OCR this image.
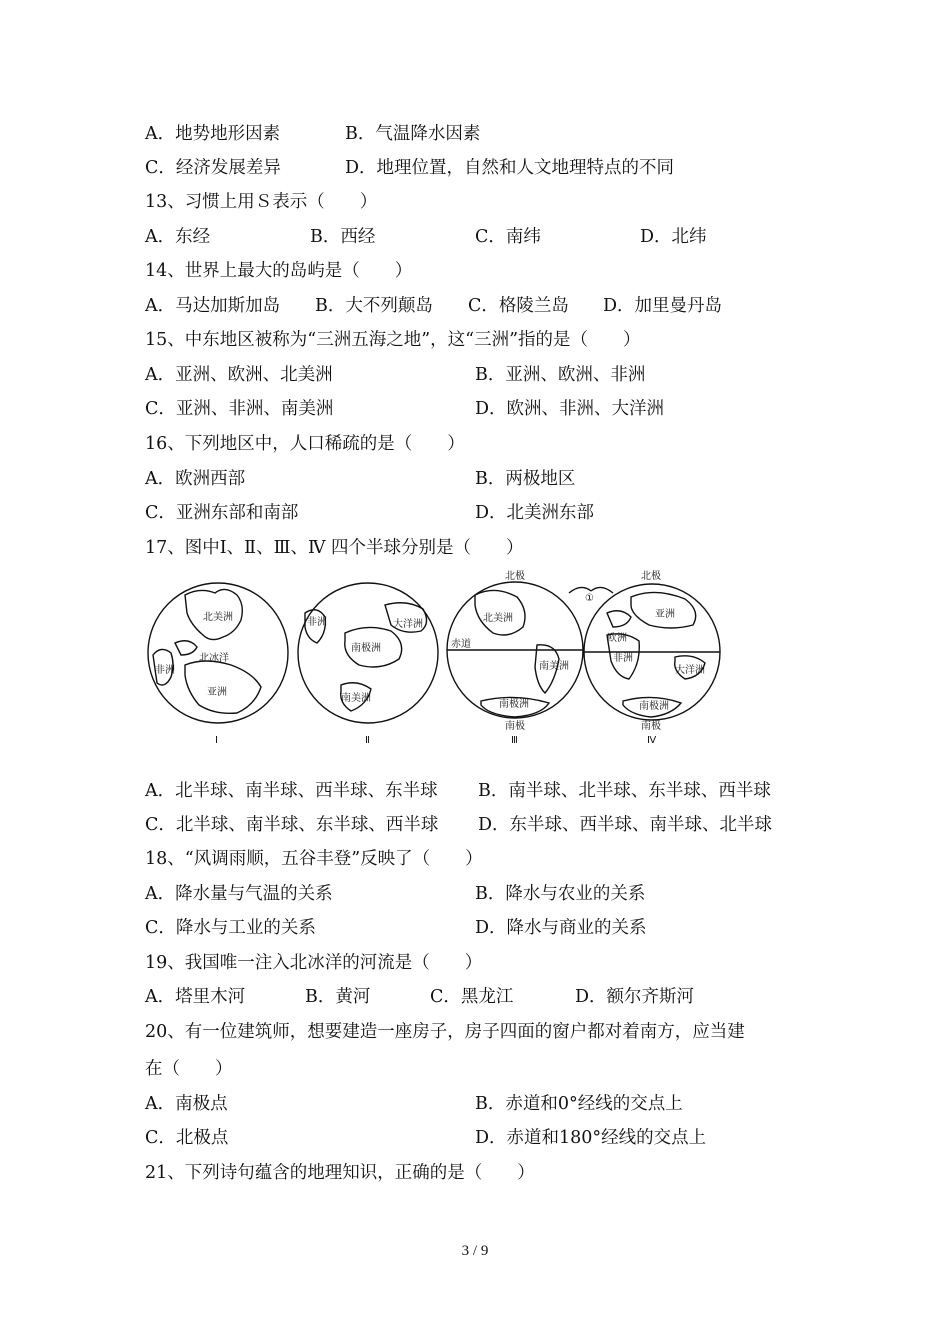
A．地势地形因素	B．气温降水因素
C．经济发展差异	D．地理位置，自然和人文地理特点的不同
13、习惯上用Ｓ表示（　　）
A．东经	B．西经	C．南纬	D．北纬
14、世界上最大的岛屿是（　　）
A．马达加斯加岛 B．大不列颠岛 C．格陵兰岛 D．加里曼丹岛
15、中东地区被称为“三洲五海之地”，这“三洲”指的是（　　）
A．亚洲、欧洲、北美洲	B．亚洲、欧洲、非洲
C．亚洲、非洲、南美洲	D．欧洲、非洲、大洋洲
16、下列地区中，人口稀疏的是（　　）
A．欧洲西部	B．两极地区
C．亚洲东部和南部	D．北美洲东部
17、图中Ⅰ、Ⅱ、Ⅲ、Ⅳ 四个半球分别是（　　）
北美洲
北冰洋
非洲
亚洲
Ⅰ
非洲	大洋洲
南极洲
南美洲
Ⅱ
北极
北美洲
赤道
南美洲
南极洲
南极
Ⅲ
北极
亚洲
欧洲
非洲
大洋洲
南极洲
南极
Ⅳ
①
A．北半球、南半球、西半球、东半球 B．南半球、北半球、东半球、西半球
C．北半球、南半球、东半球、西半球 D．东半球、西半球、南半球、北半球
18、“风调雨顺，五谷丰登”反映了（　　）
A．降水量与气温的关系	B．降水与农业的关系
C．降水与工业的关系	D．降水与商业的关系
19、我国唯一注入北冰洋的河流是（　　）
A．塔里木河	B．黄河	C．黑龙江	D．额尔齐斯河
20、有一位建筑师，想要建造一座房子，房子四面的窗户都对着南方，应当建
在（　　）
A．南极点	B．赤道和0°经线的交点上
C．北极点	D．赤道和180°经线的交点上
21、下列诗句蕴含的地理知识，正确的是（　　）
3 / 9
